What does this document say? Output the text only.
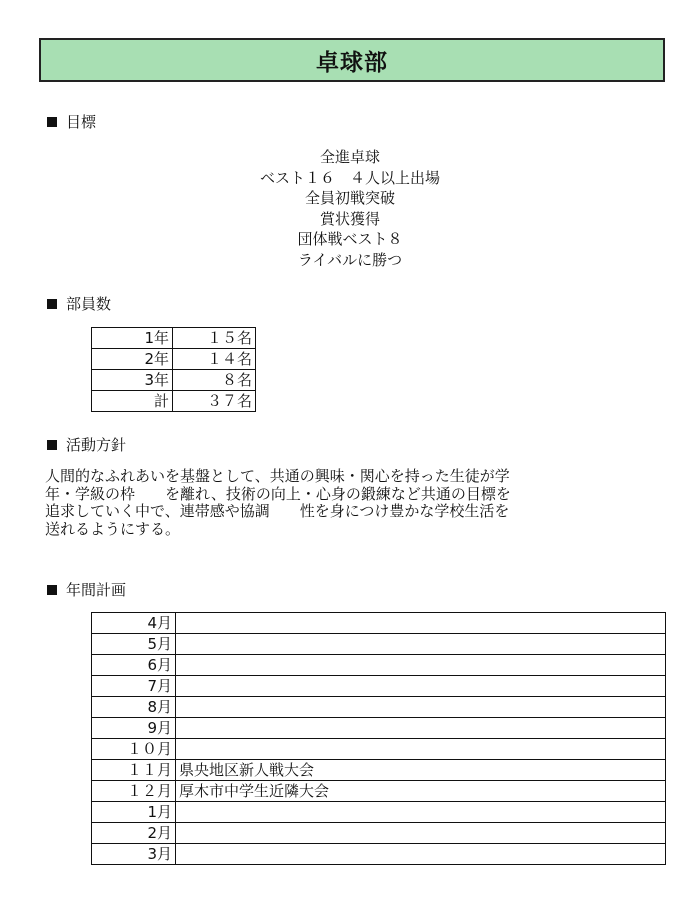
卓球部
目標
全進卓球
ベスト１６　４人以上出場
全員初戦突破
賞状獲得
団体戦ベスト８
ライバルに勝つ
部員数
1年	１５名
2年	１４名
3年	８名
計	３７名
活動方針
人間的なふれあいを基盤として、共通の興味・関心を持った生徒が学
年・学級の枠　　を離れ、技術の向上・心身の鍛練など共通の目標を
追求していく中で、連帯感や協調　　性を身につけ豊かな学校生活を
送れるようにする。
年間計画
4月	
5月	
6月	
7月	
8月	
9月	
１０月	
１１月	県央地区新人戦大会
１２月	厚木市中学生近隣大会
1月	
2月	
3月	
